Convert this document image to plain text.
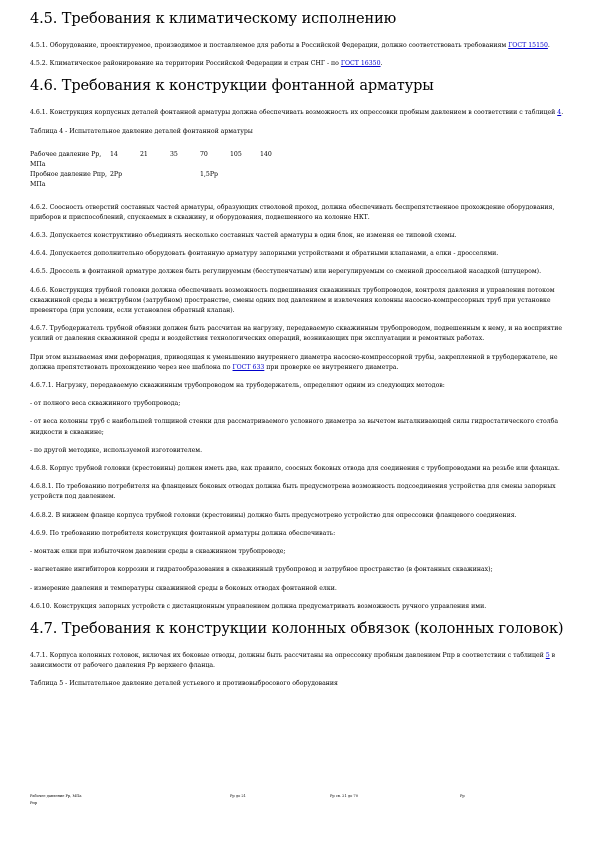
4.5. Требования к климатическому исполнению

4.5.1. Оборудование, проектируемое, производимое и поставляемое для работы в Российской Федерации, должно соответствовать требованиям ГОСТ 15150.

4.5.2. Климатическое районирование на территории Российской Федерации и стран СНГ - по ГОСТ 16350.

4.6. Требования к конструкции фонтанной арматуры

4.6.1. Конструкция корпусных деталей фонтанной арматуры должна обеспечивать возможность их опрессовки пробным давлением в соответствии с таблицей 4.

Таблица 4 - Испытательное давление деталей фонтанной арматуры

Рабочее давление Рр, МПа	14	21	35	70	105	140
Пробное давление Рпр, МПа	2Рр			1,5Рр		

4.6.2. Соосность отверстий составных частей арматуры, образующих стволовой проход, должна обеспечивать беспрепятственное прохождение оборудования, приборов и приспособлений, спускаемых в скважину, и оборудования, подвешенного на колонне НКТ.

4.6.3. Допускается конструктивно объединять несколько составных частей арматуры в один блок, не изменяя ее типовой схемы.

4.6.4. Допускается дополнительно оборудовать фонтанную арматуру запорными устройствами и обратными клапанами, а елки - дросселями.

4.6.5. Дроссель в фонтанной арматуре должен быть регулируемым (бесступенчатым) или нерегулируемым со сменной дроссельной насадкой (штуцером).

4.6.6. Конструкция трубной головки должна обеспечивать возможность подвешивания скважинных трубопроводов, контроля давления и управления потоком скважинной среды в межтрубном (затрубном) пространстве, смены одних под давлением и извлечения колонны насосно-компрессорных труб при установке превентора (при условии, если установлен обратный клапан).

4.6.7. Трубодержатель трубной обвязки должен быть рассчитан на нагрузку, передаваемую скважинным трубопроводом, подвешенным к нему, и на восприятие усилий от давления скважинной среды и воздействия технологических операций, возникающих при эксплуатации и ремонтных работах.

При этом вызываемая ими деформация, приводящая к уменьшению внутреннего диаметра насосно-компрессорной трубы, закрепленной в трубодержателе, не должна препятствовать прохождению через нее шаблона по ГОСТ 633 при проверке ее внутреннего диаметра.

4.6.7.1. Нагрузку, передаваемую скважинным трубопроводом на трубодержатель, определяют одним из следующих методов:

- от полного веса скважинного трубопровода;

- от веса колонны труб с наибольшей толщиной стенки для рассматриваемого условного диаметра за вычетом выталкивающей силы гидростатического столба жидкости в скважине;

- по другой методике, используемой изготовителем.

4.6.8. Корпус трубной головки (крестовины) должен иметь два, как правило, соосных боковых отвода для соединения с трубопроводами на резьбе или фланцах.

4.6.8.1. По требованию потребителя на фланцевых боковых отводах должна быть предусмотрена возможность подсоединения устройства для смены запорных устройств под давлением.

4.6.8.2. В нижнем фланце корпуса трубной головки (крестовины) должно быть предусмотрено устройство для опрессовки фланцевого соединения.

4.6.9. По требованию потребителя конструкция фонтанной арматуры должна обеспечивать:

- монтаж елки при избыточном давлении среды в скважинном трубопроводе;

- нагнетание ингибиторов коррозии и гидратообразования в скважинный трубопровод и затрубное пространство (в фонтанных скважинах);

- измерение давления и температуры скважинной среды в боковых отводах фонтанной елки.

4.6.10. Конструкция запорных устройств с дистанционным управлением должна предусматривать возможность ручного управления ими.

4.7. Требования к конструкции колонных обвязок (колонных головок)

4.7.1. Корпуса колонных головок, включая их боковые отводы, должны быть рассчитаны на опрессовку пробным давлением Рпр в соответствии с таблицей 5 в зависимости от рабочего давления Рр верхнего фланца.

Таблица 5 - Испытательное давление деталей устьевого и противовыбросового оборудования

Рабочее давление Рр, МПа	Рр до 21	Рр св. 21 до 70	Рр
Рпр
